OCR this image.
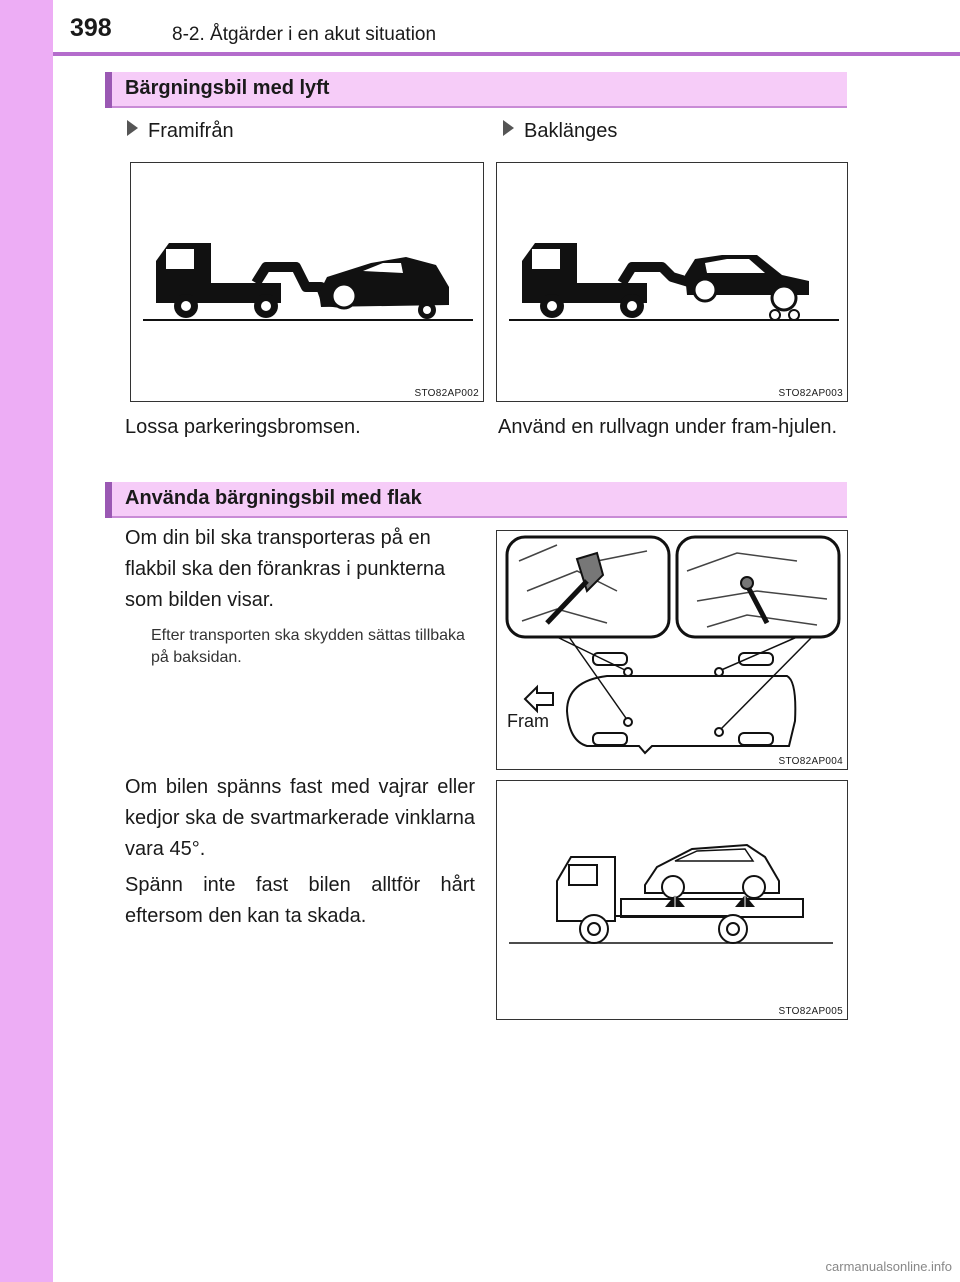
398	8-2. Åtgärder i en akut situation
Bärgningsbil med lyft
Framifrån	Baklänges
STO82AP002	STO82AP003
Lossa parkeringsbromsen.	Använd en rullvagn under fram-hjulen.
Använda bärgningsbil med flak
Om din bil ska transporteras på en flakbil ska den förankras i punkterna som bilden visar.
Efter transporten ska skydden sättas tillbaka på baksidan.
Fram
STO82AP004
Om bilen spänns fast med vajrar eller kedjor ska de svartmarkerade vinklarna vara 45°.
Spänn inte fast bilen alltför hårt eftersom den kan ta skada.
STO82AP005
carmanualsonline.info
